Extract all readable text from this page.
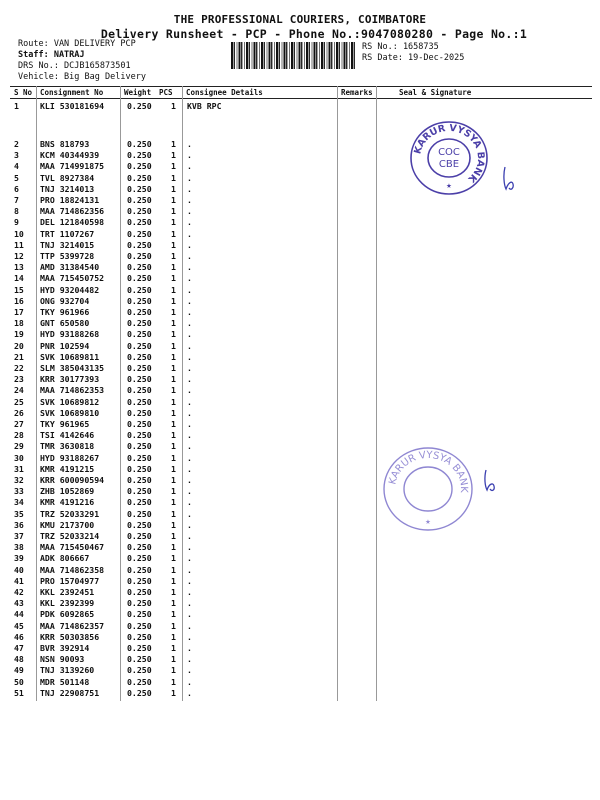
THE PROFESSIONAL COURIERS, COIMBATORE
Delivery Runsheet - PCP - Phone No.:9047080280 - Page No.:1
Route: VAN DELIVERY PCP
Staff: NATRAJ
DRS No.: DCJB165873501
Vehicle: Big Bag Delivery
RS No.: 1658735
RS Date: 19-Dec-2025
S No Consignment No	Weight PCS Consignee Details	Remarks	Seal & Signature
1	KLI 530181694	0.250 1 KVB RPC
2	BNS 818793	0.250 1 .
3	KCM 40344939	0.250 1 .
4	MAA 714991875	0.250 1 .
5	TVL 8927384	0.250 1 .
6	TNJ 3214013	0.250 1 .
7	PRO 18824131	0.250 1 .
8	MAA 714862356	0.250 1 .
9	DEL 121840598	0.250 1 .
10 TRT 1107267	0.250 1 .
11 TNJ 3214015	0.250 1 .
12 TTP 5399728	0.250 1 .
13 AMD 31384540	0.250 1 .
14 MAA 715450752	0.250 1 .
15 HYD 93204482	0.250 1 .
16 ONG 932704	0.250 1 .
17 TKY 961966	0.250 1 .
18 GNT 650580	0.250 1 .
19 HYD 93188268	0.250 1 .
20 PNR 102594	0.250 1 .
21 SVK 10689811	0.250 1 .
22 SLM 385043135	0.250 1 .
23 KRR 30177393	0.250 1 .
24 MAA 714862353	0.250 1 .
25 SVK 10689812	0.250 1 .
26 SVK 10689810	0.250 1 .
27 TKY 961965	0.250 1 .
28 TSI 4142646	0.250 1 .
29 TMR 3630818	0.250 1 .
30 HYD 93188267	0.250 1 .
31 KMR 4191215	0.250 1 .
32 KRR 600090594	0.250 1 .
33 ZHB 1052869	0.250 1 .
34 KMR 4191216	0.250 1 .
35 TRZ 52033291	0.250 1 .
36 KMU 2173700	0.250 1 .
37 TRZ 52033214	0.250 1 .
38 MAA 715450467	0.250 1 .
39 ADK 806667	0.250 1 .
40 MAA 714862358	0.250 1 .
41 PRO 15704977	0.250 1 .
42 KKL 2392451	0.250 1 .
43 KKL 2392399	0.250 1 .
44 PDK 6092865	0.250 1 .
45 MAA 714862357	0.250 1 .
46 KRR 50303856	0.250 1 .
47 BVR 392914	0.250 1 .
48 NSN 90093	0.250 1 .
49 TNJ 3139260	0.250 1 .
50 MDR 501148	0.250 1 .
51 TNJ 22908751	0.250 1 .
KARUR VYSYA BANK
COC
CBE
★
KARUR VYSYA BANK
★
